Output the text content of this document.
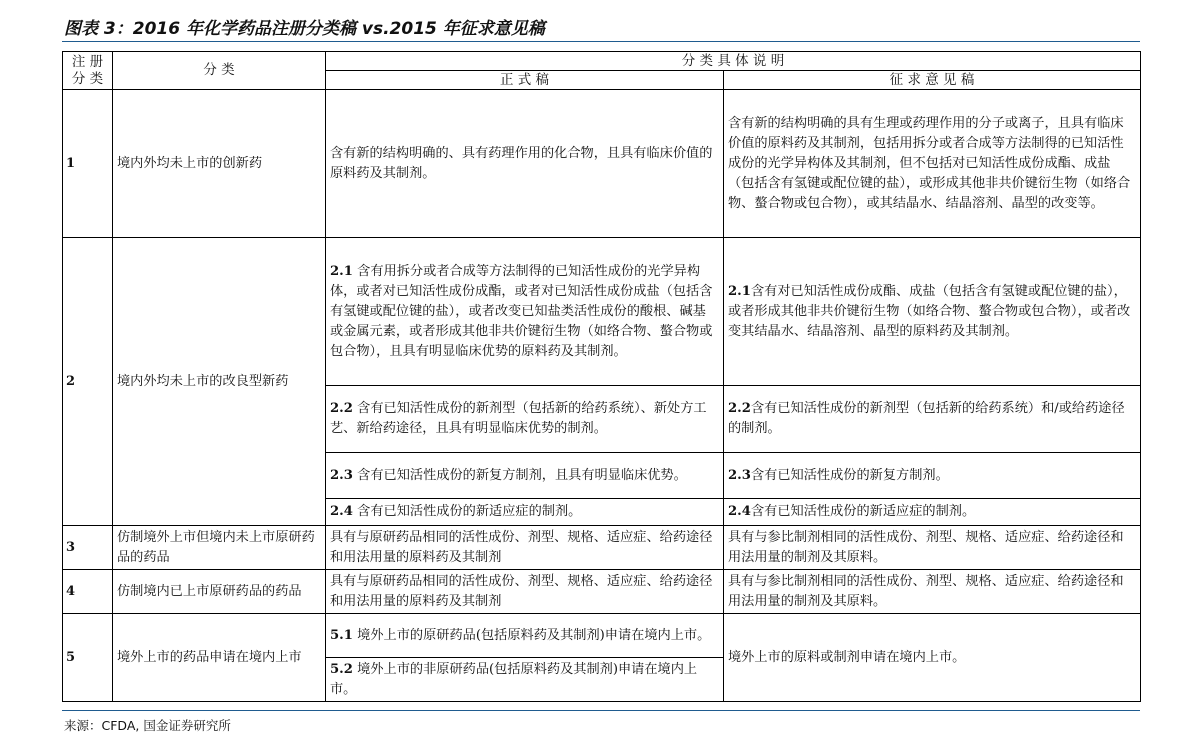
图表 3：2016 年化学药品注册分类稿 vs.2015 年征求意见稿
注 册 分 类	分 类	分 类 具 体 说 明	
		正 式 稿	征 求 意 见 稿
1	境内外均未上市的创新药	含有新的结构明确的、具有药理作用的化合物，且具有临床价值的原料药及其制剂。	含有新的结构明确的具有生理或药理作用的分子或离子，且具有临床价值的原料药及其制剂，包括用拆分或者合成等方法制得的已知活性成份的光学异构体及其制剂，但不包括对已知活性成份成酯、成盐（包括含有氢键或配位键的盐），或形成其他非共价键衍生物（如络合物、螯合物或包合物），或其结晶水、结晶溶剂、晶型的改变等。
2	境内外均未上市的改良型新药	2.1 含有用拆分或者合成等方法制得的已知活性成份的光学异构体，或者对已知活性成份成酯，或者对已知活性成份成盐（包括含有氢键或配位键的盐），或者改变已知盐类活性成份的酸根、碱基或金属元素，或者形成其他非共价键衍生物（如络合物、螯合物或包合物），且具有明显临床优势的原料药及其制剂。	2.1含有对已知活性成份成酯、成盐（包括含有氢键或配位键的盐），或者形成其他非共价键衍生物（如络合物、螯合物或包合物），或者改变其结晶水、结晶溶剂、晶型的原料药及其制剂。
		2.2 含有已知活性成份的新剂型（包括新的给药系统）、新处方工艺、新给药途径，且具有明显临床优势的制剂。	2.2含有已知活性成份的新剂型（包括新的给药系统）和/或给药途径的制剂。
		2.3 含有已知活性成份的新复方制剂，且具有明显临床优势。	2.3含有已知活性成份的新复方制剂。
		2.4 含有已知活性成份的新适应症的制剂。	2.4含有已知活性成份的新适应症的制剂。
3	仿制境外上市但境内未上市原研药品的药品	具有与原研药品相同的活性成份、剂型、规格、适应症、给药途径和用法用量的原料药及其制剂	具有与参比制剂相同的活性成份、剂型、规格、适应症、给药途径和用法用量的制剂及其原料。
4	仿制境内已上市原研药品的药品	具有与原研药品相同的活性成份、剂型、规格、适应症、给药途径和用法用量的原料药及其制剂	具有与参比制剂相同的活性成份、剂型、规格、适应症、给药途径和用法用量的制剂及其原料。
5	境外上市的药品申请在境内上市	5.1 境外上市的原研药品(包括原料药及其制剂)申请在境内上市。	境外上市的原料或制剂申请在境内上市。
		5.2 境外上市的非原研药品(包括原料药及其制剂)申请在境内上市。	
来源：CFDA, 国金证券研究所
